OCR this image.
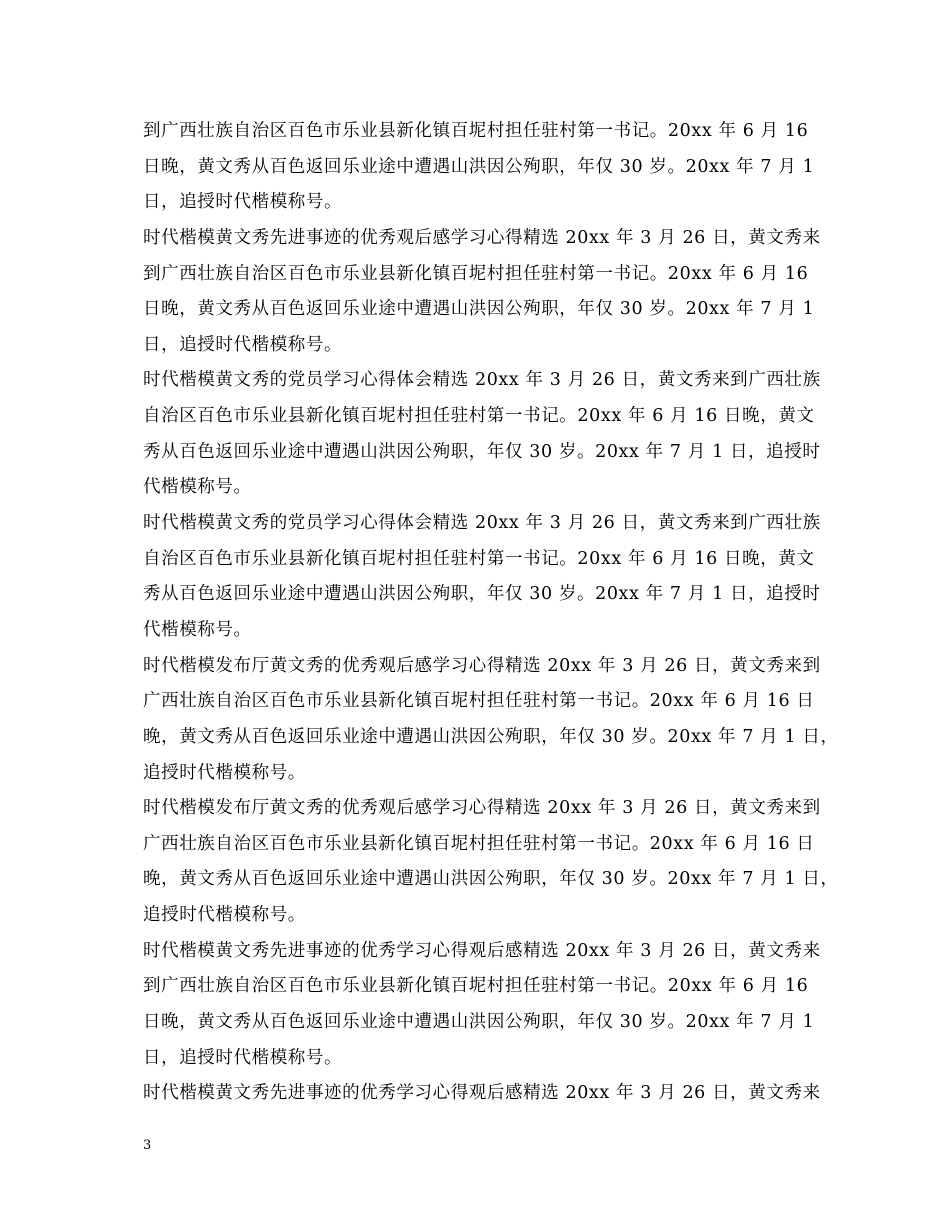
到广西壮族自治区百色市乐业县新化镇百坭村担任驻村第一书记。20xx 年 6 月 16
日晚，黄文秀从百色返回乐业途中遭遇山洪因公殉职，年仅 30 岁。20xx 年 7 月 1
日，追授时代楷模称号。
时代楷模黄文秀先进事迹的优秀观后感学习心得精选 20xx 年 3 月 26 日，黄文秀来
到广西壮族自治区百色市乐业县新化镇百坭村担任驻村第一书记。20xx 年 6 月 16
日晚，黄文秀从百色返回乐业途中遭遇山洪因公殉职，年仅 30 岁。20xx 年 7 月 1
日，追授时代楷模称号。
时代楷模黄文秀的党员学习心得体会精选 20xx 年 3 月 26 日，黄文秀来到广西壮族
自治区百色市乐业县新化镇百坭村担任驻村第一书记。20xx 年 6 月 16 日晚，黄文
秀从百色返回乐业途中遭遇山洪因公殉职，年仅 30 岁。20xx 年 7 月 1 日，追授时
代楷模称号。
时代楷模黄文秀的党员学习心得体会精选 20xx 年 3 月 26 日，黄文秀来到广西壮族
自治区百色市乐业县新化镇百坭村担任驻村第一书记。20xx 年 6 月 16 日晚，黄文
秀从百色返回乐业途中遭遇山洪因公殉职，年仅 30 岁。20xx 年 7 月 1 日，追授时
代楷模称号。
时代楷模发布厅黄文秀的优秀观后感学习心得精选 20xx 年 3 月 26 日，黄文秀来到
广西壮族自治区百色市乐业县新化镇百坭村担任驻村第一书记。20xx 年 6 月 16 日
晚，黄文秀从百色返回乐业途中遭遇山洪因公殉职，年仅 30 岁。20xx 年 7 月 1 日，
追授时代楷模称号。
时代楷模发布厅黄文秀的优秀观后感学习心得精选 20xx 年 3 月 26 日，黄文秀来到
广西壮族自治区百色市乐业县新化镇百坭村担任驻村第一书记。20xx 年 6 月 16 日
晚，黄文秀从百色返回乐业途中遭遇山洪因公殉职，年仅 30 岁。20xx 年 7 月 1 日，
追授时代楷模称号。
时代楷模黄文秀先进事迹的优秀学习心得观后感精选 20xx 年 3 月 26 日，黄文秀来
到广西壮族自治区百色市乐业县新化镇百坭村担任驻村第一书记。20xx 年 6 月 16
日晚，黄文秀从百色返回乐业途中遭遇山洪因公殉职，年仅 30 岁。20xx 年 7 月 1
日，追授时代楷模称号。
时代楷模黄文秀先进事迹的优秀学习心得观后感精选 20xx 年 3 月 26 日，黄文秀来
3
